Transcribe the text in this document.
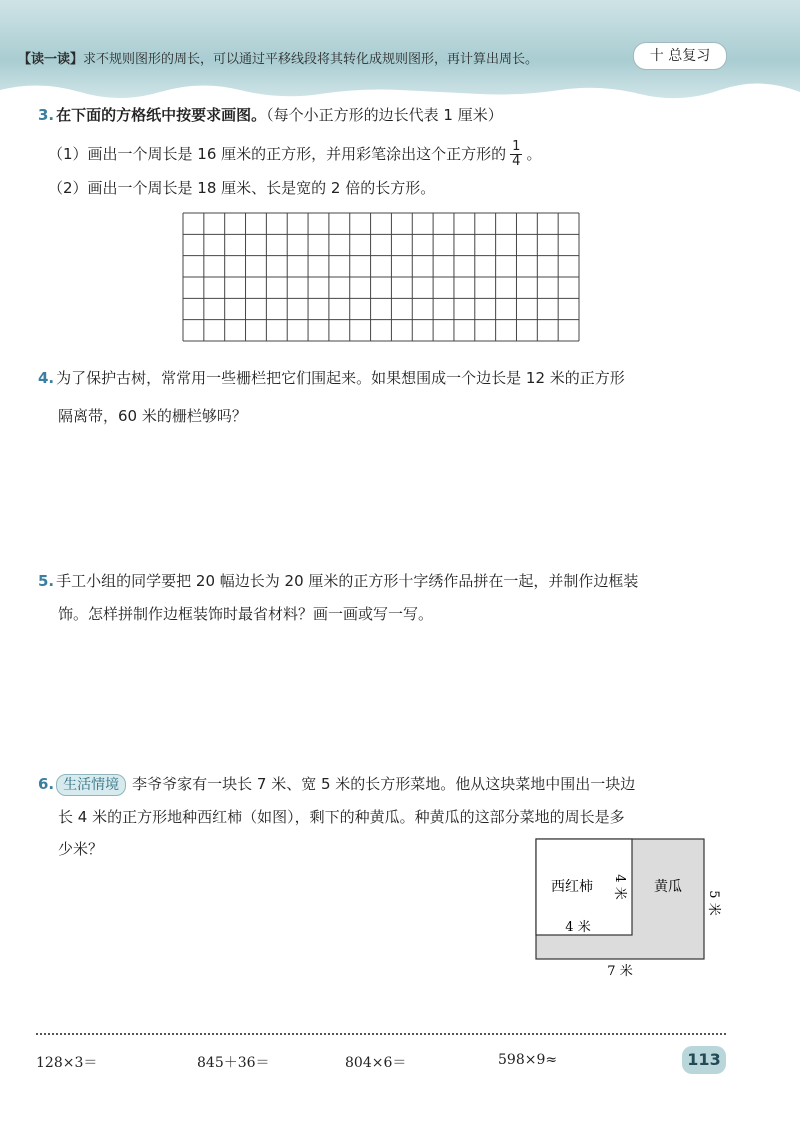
【读一读】求不规则图形的周长，可以通过平移线段将其转化成规则图形，再计算出周长。	十 总复习
3. 在下面的方格纸中按要求画图。（每个小正方形的边长代表 1 厘米）
（1）画出一个周长是 16 厘米的正方形，并用彩笔涂出这个正方形的 $\frac{1}{4}$ 。
（2）画出一个周长是 18 厘米、长是宽的 2 倍的长方形。
4. 为了保护古树，常常用一些栅栏把它们围起来。如果想围成一个边长是 12 米的正方形
隔离带，60 米的栅栏够吗？
5. 手工小组的同学要把 20 幅边长为 20 厘米的正方形十字绣作品拼在一起，并制作边框装
饰。怎样拼制作边框装饰时最省材料？画一画或写一写。
6. 生活情境 李爷爷家有一块长 7 米、宽 5 米的长方形菜地。他从这块菜地中围出一块边
长 4 米的正方形地种西红柿（如图），剩下的种黄瓜。种黄瓜的这部分菜地的周长是多
少米？
西红柿	黄瓜
4 米
4 米
5 米
7 米
128×3＝	845＋36＝	804×6＝	598×9≈	113
